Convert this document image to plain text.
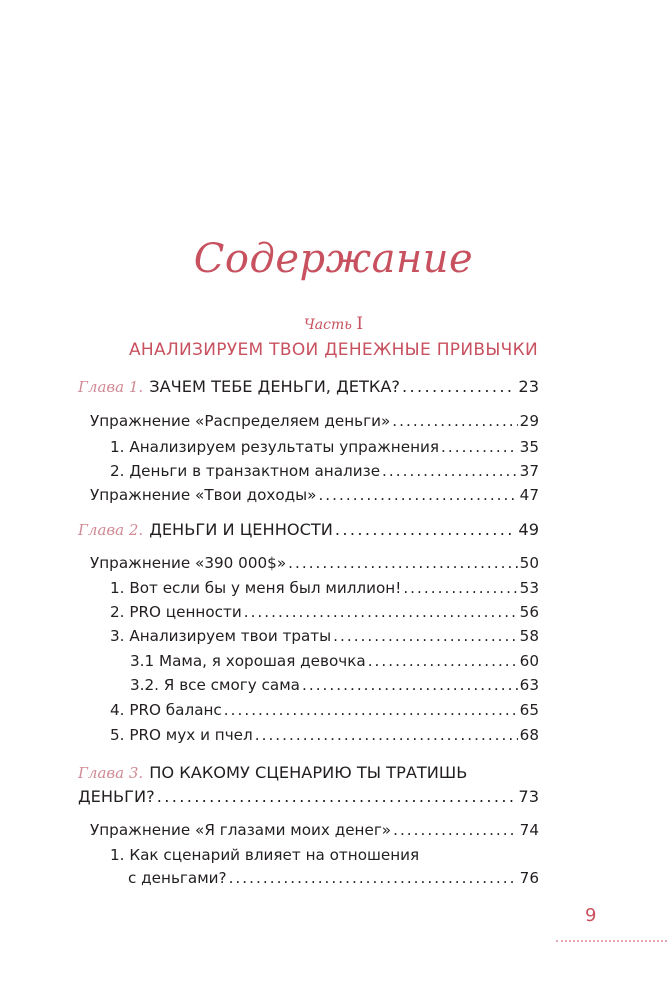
Содержание
Часть I
АНАЛИЗИРУЕМ ТВОИ ДЕНЕЖНЫЕ ПРИВЫЧКИ
Глава 1. ЗАЧЕМ ТЕБЕ ДЕНЬГИ, ДЕТКА? . . .	23
Упражнение «Распределяем деньги» . . .	29
1. Анализируем результаты упражнения . . .	35
2. Деньги в транзактном анализе . . .	37
Упражнение «Твои доходы» . . .	47
Глава 2. ДЕНЬГИ И ЦЕННОСТИ . . .	49
Упражнение «390 000$» . . .	50
1. Вот если бы у меня был миллион! . . .	53
2. PRO ценности . . .	56
3. Анализируем твои траты . . .	58
3.1 Мама, я хорошая девочка . . .	60
3.2. Я все смогу сама . . .	63
4. PRO баланс . . .	65
5. PRO мух и пчел . . .	68
Глава 3. ПО КАКОМУ СЦЕНАРИЮ ТЫ ТРАТИШЬ
ДЕНЬГИ? . . .	73
Упражнение «Я глазами моих денег» . . .	74
1. Как сценарий влияет на отношения
с деньгами? . . .	76
9
